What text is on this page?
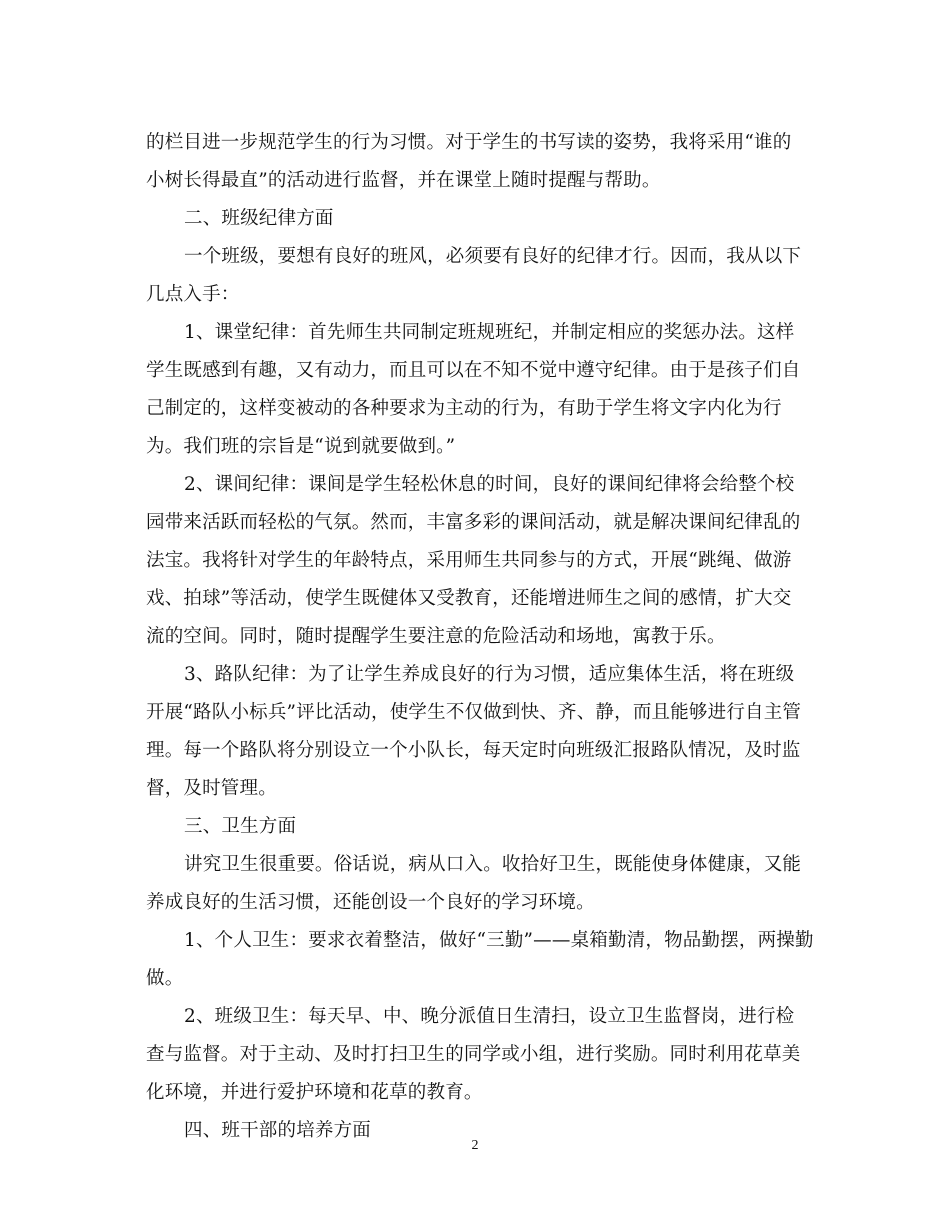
的栏目进一步规范学生的行为习惯。对于学生的书写读的姿势，我将采用“谁的
小树长得最直”的活动进行监督，并在课堂上随时提醒与帮助。
二、班级纪律方面
一个班级，要想有良好的班风，必须要有良好的纪律才行。因而，我从以下
几点入手：
1、课堂纪律：首先师生共同制定班规班纪，并制定相应的奖惩办法。这样
学生既感到有趣，又有动力，而且可以在不知不觉中遵守纪律。由于是孩子们自
己制定的，这样变被动的各种要求为主动的行为，有助于学生将文字内化为行
为。我们班的宗旨是“说到就要做到。”
2、课间纪律：课间是学生轻松休息的时间，良好的课间纪律将会给整个校
园带来活跃而轻松的气氛。然而，丰富多彩的课间活动，就是解决课间纪律乱的
法宝。我将针对学生的年龄特点，采用师生共同参与的方式，开展“跳绳、做游
戏、拍球”等活动，使学生既健体又受教育，还能增进师生之间的感情，扩大交
流的空间。同时，随时提醒学生要注意的危险活动和场地，寓教于乐。
3、路队纪律：为了让学生养成良好的行为习惯，适应集体生活，将在班级
开展“路队小标兵”评比活动，使学生不仅做到快、齐、静，而且能够进行自主管
理。每一个路队将分别设立一个小队长，每天定时向班级汇报路队情况，及时监
督，及时管理。
三、卫生方面
讲究卫生很重要。俗话说，病从口入。收拾好卫生，既能使身体健康，又能
养成良好的生活习惯，还能创设一个良好的学习环境。
1、个人卫生：要求衣着整洁，做好“三勤”——桌箱勤清，物品勤摆，两操勤
做。
2、班级卫生：每天早、中、晚分派值日生清扫，设立卫生监督岗，进行检
查与监督。对于主动、及时打扫卫生的同学或小组，进行奖励。同时利用花草美
化环境，并进行爱护环境和花草的教育。
四、班干部的培养方面
2
